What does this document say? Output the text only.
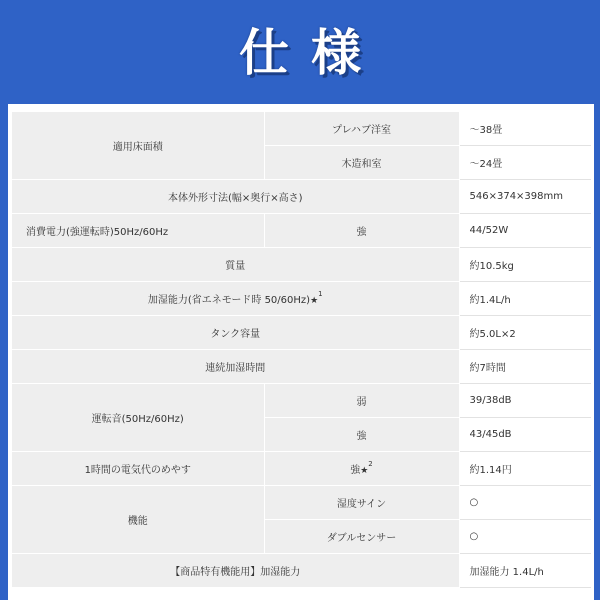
仕様
適用床面積	プレハブ洋室	～38畳
	木造和室	～24畳
本体外形寸法(幅×奥行×高さ)		546×374×398mm
消費電力(強運転時)50Hz/60Hz	強	44/52W
質量		約10.5kg
加湿能力(省エネモード時 50/60Hz)★$^1$		約1.4L/h
タンク容量		約5.0L×2
連続加湿時間		約7時間
運転音(50Hz/60Hz)	弱	39/38dB
	強	43/45dB
1時間の電気代のめやす	強★$^2$	約1.14円
機能	湿度サイン	○
	ダブルセンサー	○
【商品特有機能用】加湿能力		加湿能力 1.4L/h
